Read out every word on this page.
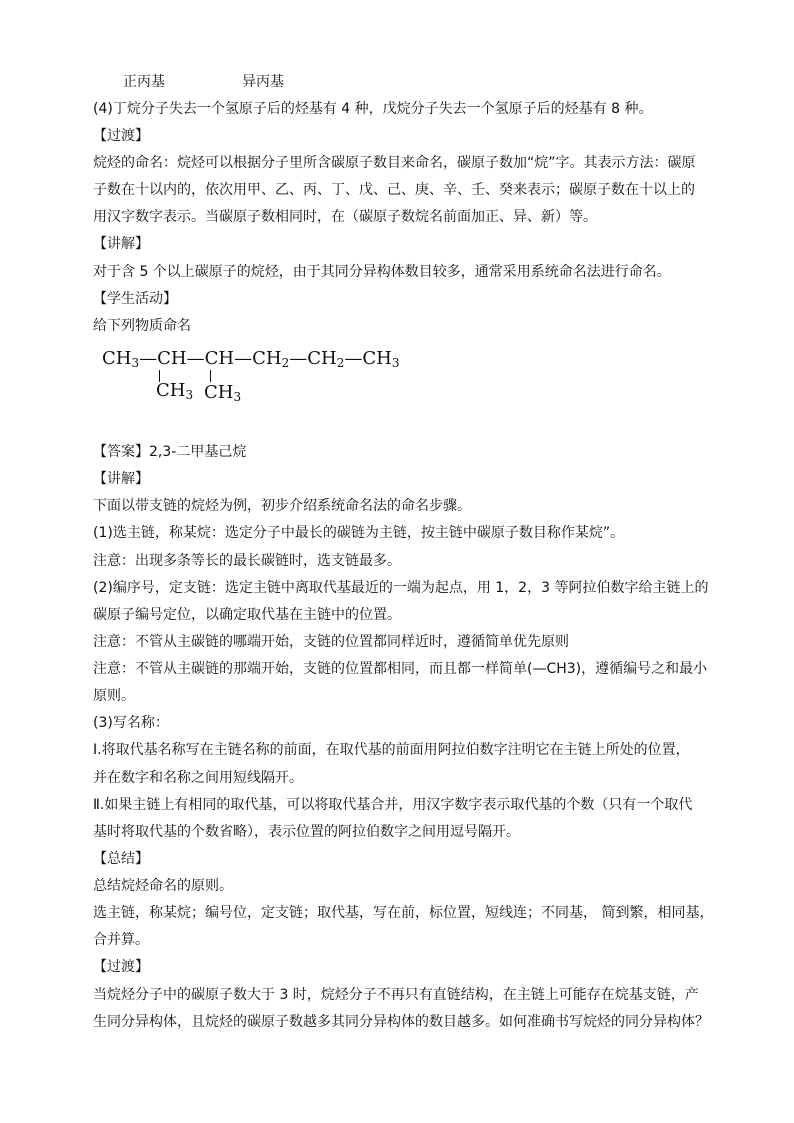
正丙基	异丙基
(4)丁烷分子失去一个氢原子后的烃基有 4 种，戊烷分子失去一个氢原子后的烃基有 8 种。
【过渡】
烷烃的命名：烷烃可以根据分子里所含碳原子数目来命名，碳原子数加“烷”字。其表示方法：碳原
子数在十以内的，依次用甲、乙、丙、丁、戊、己、庚、辛、壬、癸来表示；碳原子数在十以上的
用汉字数字表示。当碳原子数相同时，在（碳原子数烷名前面加正、异、新）等。
【讲解】
对于含 5 个以上碳原子的烷烃，由于其同分异构体数目较多，通常采用系统命名法进行命名。
【学生活动】
给下列物质命名
$CH_3—CH—CH—CH_2—CH_2—CH_3$
$CH_3$ $CH_3$
【答案】2,3-二甲基己烷
【讲解】
下面以带支链的烷烃为例，初步介绍系统命名法的命名步骤。
(1)选主链，称某烷：选定分子中最长的碳链为主链，按主链中碳原子数目称作某烷”。
注意：出现多条等长的最长碳链时，选支链最多。
(2)编序号，定支链：选定主链中离取代基最近的一端为起点，用 1，2，3 等阿拉伯数字给主链上的
碳原子编号定位，以确定取代基在主链中的位置。
注意：不管从主碳链的哪端开始，支链的位置都同样近时，遵循简单优先原则
注意：不管从主碳链的那端开始，支链的位置都相同，而且都一样简单(—CH3)，遵循编号之和最小
原则。
(3)写名称：
Ⅰ.将取代基名称写在主链名称的前面，在取代基的前面用阿拉伯数字注明它在主链上所处的位置，
并在数字和名称之间用短线隔开。
Ⅱ.如果主链上有相同的取代基，可以将取代基合并，用汉字数字表示取代基的个数（只有一个取代
基时将取代基的个数省略），表示位置的阿拉伯数字之间用逗号隔开。
【总结】
总结烷烃命名的原则。
选主链，称某烷；编号位，定支链；取代基，写在前，标位置，短线连；不同基， 简到繁，相同基，
合并算。
【过渡】
当烷烃分子中的碳原子数大于 3 时，烷烃分子不再只有直链结构，在主链上可能存在烷基支链，产
生同分异构体，且烷烃的碳原子数越多其同分异构体的数目越多。如何准确书写烷烃的同分异构体？
